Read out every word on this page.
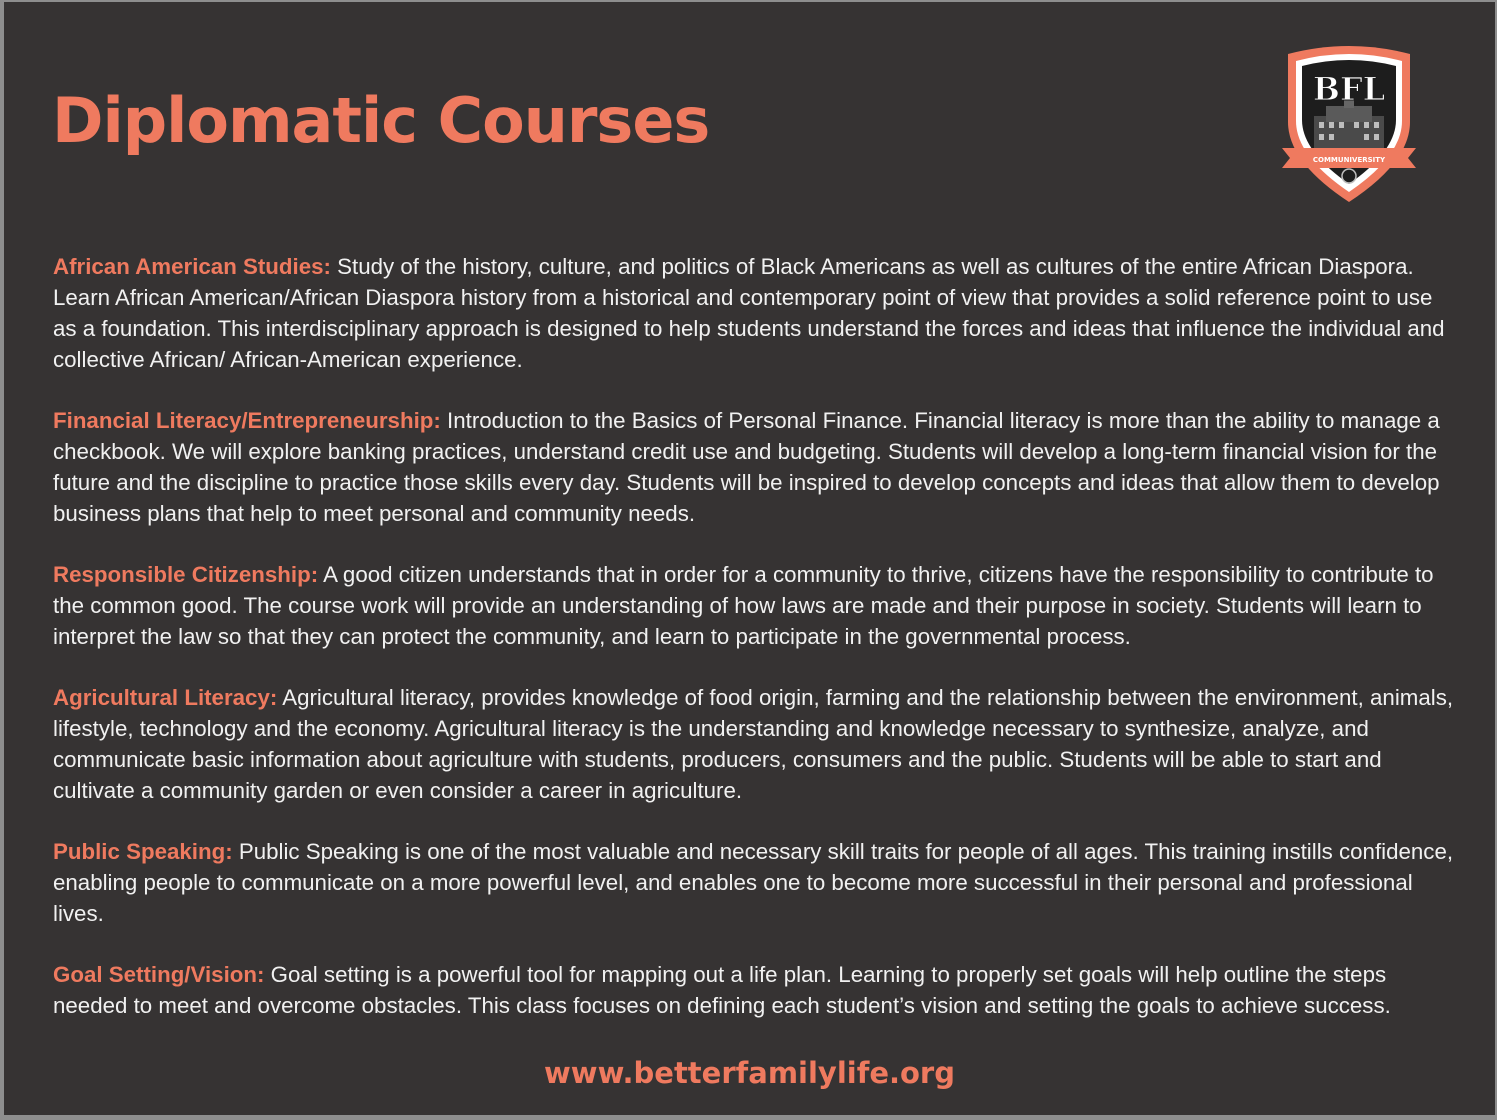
Diplomatic Courses
COMMUNIVERSITY
BFL

African American Studies: Study of the history, culture, and politics of Black Americans as well as cultures of the entire African Diaspora. Learn African American/African Diaspora history from a historical and contemporary point of view that provides a solid reference point to use as a foundation. This interdisciplinary approach is designed to help students understand the forces and ideas that influence the individual and collective African/ African-American experience.

Financial Literacy/Entrepreneurship: Introduction to the Basics of Personal Finance. Financial literacy is more than the ability to manage a checkbook. We will explore banking practices, understand credit use and budgeting. Students will develop a long-term financial vision for the future and the discipline to practice those skills every day. Students will be inspired to develop concepts and ideas that allow them to develop business plans that help to meet personal and community needs.

Responsible Citizenship: A good citizen understands that in order for a community to thrive, citizens have the responsibility to contribute to the common good. The course work will provide an understanding of how laws are made and their purpose in society. Students will learn to interpret the law so that they can protect the community, and learn to participate in the governmental process.

Agricultural Literacy: Agricultural literacy, provides knowledge of food origin, farming and the relationship between the environment, animals, lifestyle, technology and the economy. Agricultural literacy is the understanding and knowledge necessary to synthesize, analyze, and communicate basic information about agriculture with students, producers, consumers and the public. Students will be able to start and cultivate a community garden or even consider a career in agriculture.

Public Speaking: Public Speaking is one of the most valuable and necessary skill traits for people of all ages. This training instills confidence, enabling people to communicate on a more powerful level, and enables one to become more successful in their personal and professional lives.

Goal Setting/Vision: Goal setting is a powerful tool for mapping out a life plan. Learning to properly set goals will help outline the steps needed to meet and overcome obstacles. This class focuses on defining each student’s vision and setting the goals to achieve success.

www.betterfamilylife.org
